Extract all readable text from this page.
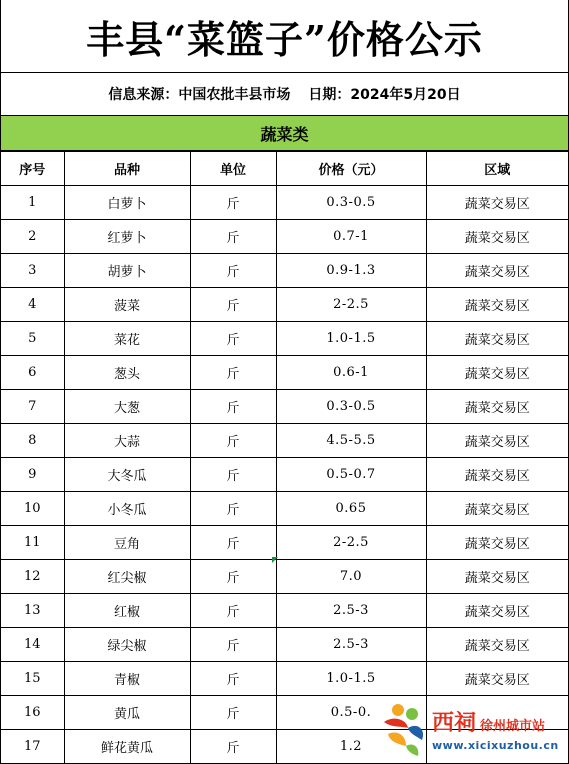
丰县“菜篮子”价格公示
信息来源：中国农批丰县市场 日期：2024年5月20日
蔬菜类
序号	品种	单位	价格（元）	区域
1	白萝卜	斤	0.3-0.5	蔬菜交易区
2	红萝卜	斤	0.7-1	蔬菜交易区
3	胡萝卜	斤	0.9-1.3	蔬菜交易区
4	菠菜	斤	2-2.5	蔬菜交易区
5	菜花	斤	1.0-1.5	蔬菜交易区
6	葱头	斤	0.6-1	蔬菜交易区
7	大葱	斤	0.3-0.5	蔬菜交易区
8	大蒜	斤	4.5-5.5	蔬菜交易区
9	大冬瓜	斤	0.5-0.7	蔬菜交易区
10	小冬瓜	斤	0.65	蔬菜交易区
11	豆角	斤	2-2.5	蔬菜交易区
12	红尖椒	斤	7.0	蔬菜交易区
13	红椒	斤	2.5-3	蔬菜交易区
14	绿尖椒	斤	2.5-3	蔬菜交易区
15	青椒	斤	1.0-1.5	蔬菜交易区
16	黄瓜	斤	0.5-0.	
17	鲜花黄瓜	斤	1.2	
西祠 徐州城市站
www.xicixuzhou.cn
